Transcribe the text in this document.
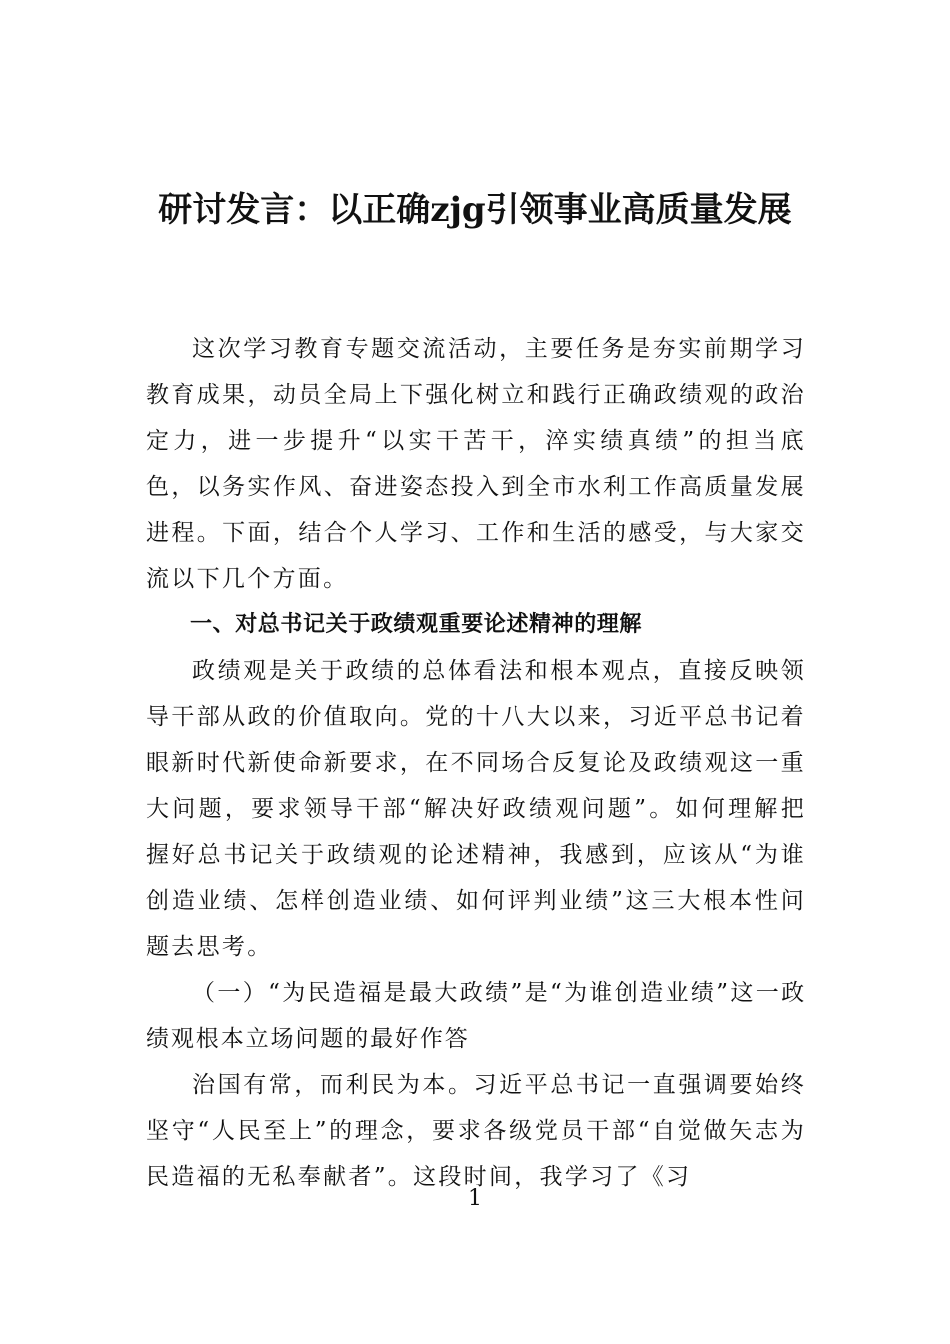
研讨发言：以正确zjg引领事业高质量发展

这次学习教育专题交流活动，主要任务是夯实前期学习教育成果，动员全局上下强化树立和践行正确政绩观的政治定力，进一步提升“以实干苦干，淬实绩真绩”的担当底色，以务实作风、奋进姿态投入到全市水利工作高质量发展进程。下面，结合个人学习、工作和生活的感受，与大家交流以下几个方面。

一、对总书记关于政绩观重要论述精神的理解

政绩观是关于政绩的总体看法和根本观点，直接反映领导干部从政的价值取向。党的十八大以来，习近平总书记着眼新时代新使命新要求，在不同场合反复论及政绩观这一重大问题，要求领导干部“解决好政绩观问题”。如何理解把握好总书记关于政绩观的论述精神，我感到，应该从“为谁创造业绩、怎样创造业绩、如何评判业绩”这三大根本性问题去思考。

（一）“为民造福是最大政绩”是“为谁创造业绩”这一政绩观根本立场问题的最好作答

治国有常，而利民为本。习近平总书记一直强调要始终坚守“人民至上”的理念，要求各级党员干部“自觉做矢志为民造福的无私奉献者”。这段时间，我学习了《习

1
